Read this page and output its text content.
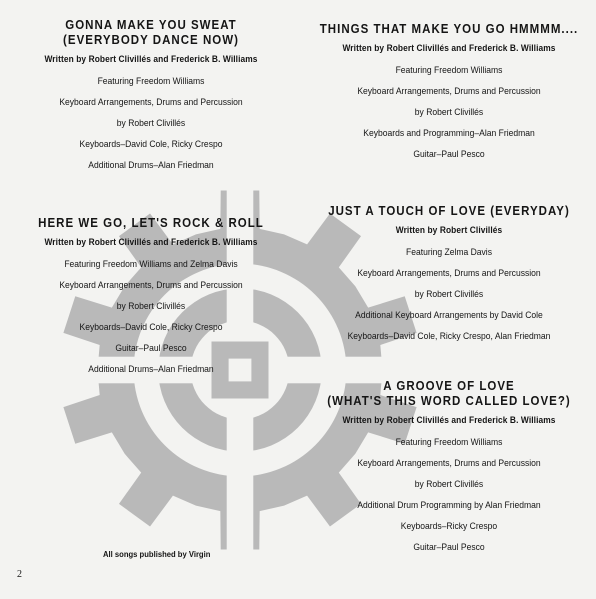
GONNA MAKE YOU SWEAT
(EVERYBODY DANCE NOW)
Written by Robert Clivillés and Frederick B. Williams
Featuring Freedom Williams
Keyboard Arrangements, Drums and Percussion
by Robert Clivillés
Keyboards–David Cole, Ricky Crespo
Additional Drums–Alan Friedman
HERE WE GO, LET'S ROCK & ROLL
Written by Robert Clivillés and Frederick B. Williams
Featuring Freedom Williams and Zelma Davis
Keyboard Arrangements, Drums and Percussion
by Robert Clivillés
Keyboards–David Cole, Ricky Crespo
Guitar–Paul Pesco
Additional Drums–Alan Friedman
THINGS THAT MAKE YOU GO HMMMM....
Written by Robert Clivillés and Frederick B. Williams
Featuring Freedom Williams
Keyboard Arrangements, Drums and Percussion
by Robert Clivillés
Keyboards and Programming–Alan Friedman
Guitar–Paul Pesco
JUST A TOUCH OF LOVE (EVERYDAY)
Written by Robert Clivillés
Featuring Zelma Davis
Keyboard Arrangements, Drums and Percussion
by Robert Clivillés
Additional Keyboard Arrangements by David Cole
Keyboards–David Cole, Ricky Crespo, Alan Friedman
A GROOVE OF LOVE
(WHAT'S THIS WORD CALLED LOVE?)
Written by Robert Clivillés and Frederick B. Williams
Featuring Freedom Williams
Keyboard Arrangements, Drums and Percussion
by Robert Clivillés
Additional Drum Programming by Alan Friedman
Keyboards–Ricky Crespo
Guitar–Paul Pesco
All songs published by Virgin
2
